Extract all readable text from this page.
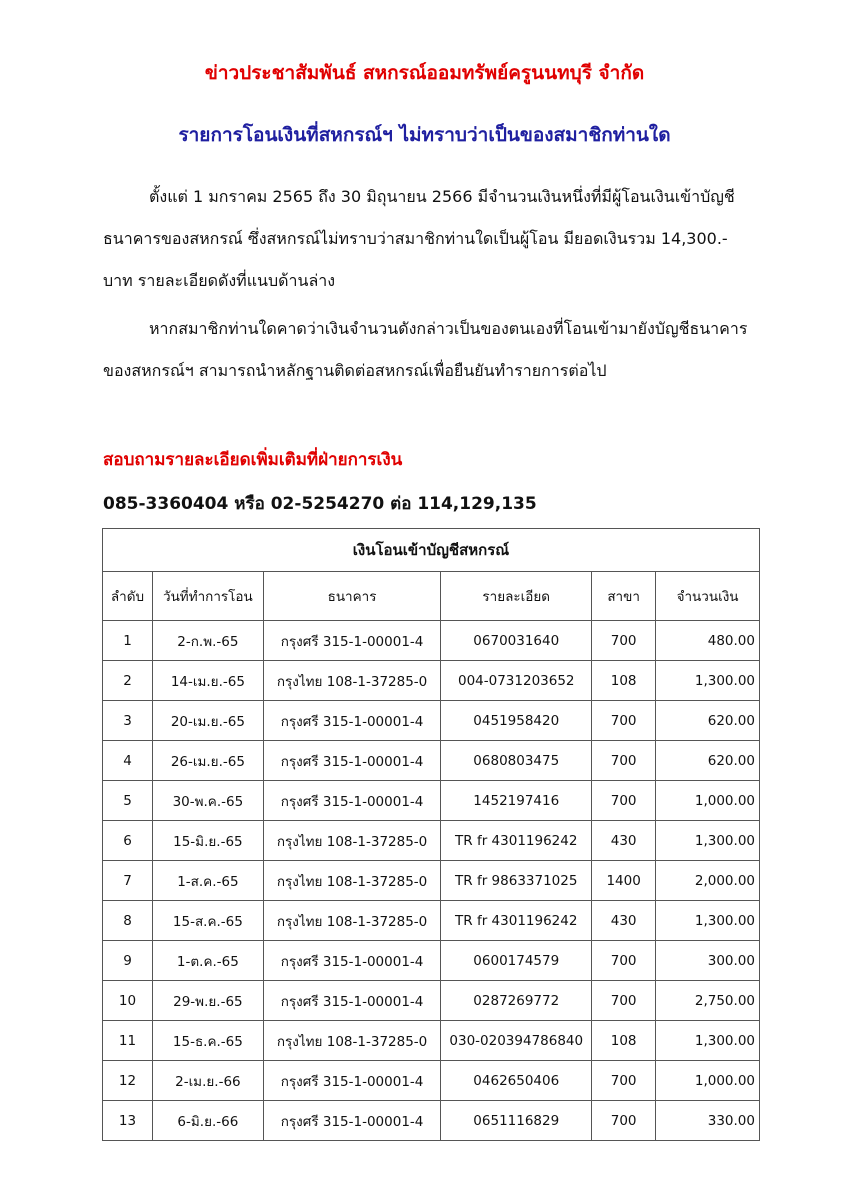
ข่าวประชาสัมพันธ์ สหกรณ์ออมทรัพย์ครูนนทบุรี จำกัด
รายการโอนเงินที่สหกรณ์ฯ ไม่ทราบว่าเป็นของสมาชิกท่านใด
ตั้งแต่ 1 มกราคม 2565 ถึง 30 มิถุนายน 2566 มีจำนวนเงินหนึ่งที่มีผู้โอนเงินเข้าบัญชีธนาคารของสหกรณ์ ซึ่งสหกรณ์ไม่ทราบว่าสมาชิกท่านใดเป็นผู้โอน มียอดเงินรวม 14,300.- บาท รายละเอียดดังที่แนบด้านล่าง
หากสมาชิกท่านใดคาดว่าเงินจำนวนดังกล่าวเป็นของตนเองที่โอนเข้ามายังบัญชีธนาคารของสหกรณ์ฯ สามารถนำหลักฐานติดต่อสหกรณ์เพื่อยืนยันทำรายการต่อไป
สอบถามรายละเอียดเพิ่มเติมที่ฝ่ายการเงิน
085-3360404 หรือ 02-5254270 ต่อ 114,129,135
เงินโอนเข้าบัญชีสหกรณ์					
ลำดับ	วันที่ทำการโอน	ธนาคาร	รายละเอียด	สาขา	จำนวนเงิน
1	2-ก.พ.-65	กรุงศรี 315-1-00001-4	0670031640	700	480.00
2	14-เม.ย.-65	กรุงไทย 108-1-37285-0	004-0731203652	108	1,300.00
3	20-เม.ย.-65	กรุงศรี 315-1-00001-4	0451958420	700	620.00
4	26-เม.ย.-65	กรุงศรี 315-1-00001-4	0680803475	700	620.00
5	30-พ.ค.-65	กรุงศรี 315-1-00001-4	1452197416	700	1,000.00
6	15-มิ.ย.-65	กรุงไทย 108-1-37285-0	TR fr 4301196242	430	1,300.00
7	1-ส.ค.-65	กรุงไทย 108-1-37285-0	TR fr 9863371025	1400	2,000.00
8	15-ส.ค.-65	กรุงไทย 108-1-37285-0	TR fr 4301196242	430	1,300.00
9	1-ต.ค.-65	กรุงศรี 315-1-00001-4	0600174579	700	300.00
10	29-พ.ย.-65	กรุงศรี 315-1-00001-4	0287269772	700	2,750.00
11	15-ธ.ค.-65	กรุงไทย 108-1-37285-0	030-020394786840	108	1,300.00
12	2-เม.ย.-66	กรุงศรี 315-1-00001-4	0462650406	700	1,000.00
13	6-มิ.ย.-66	กรุงศรี 315-1-00001-4	0651116829	700	330.00
